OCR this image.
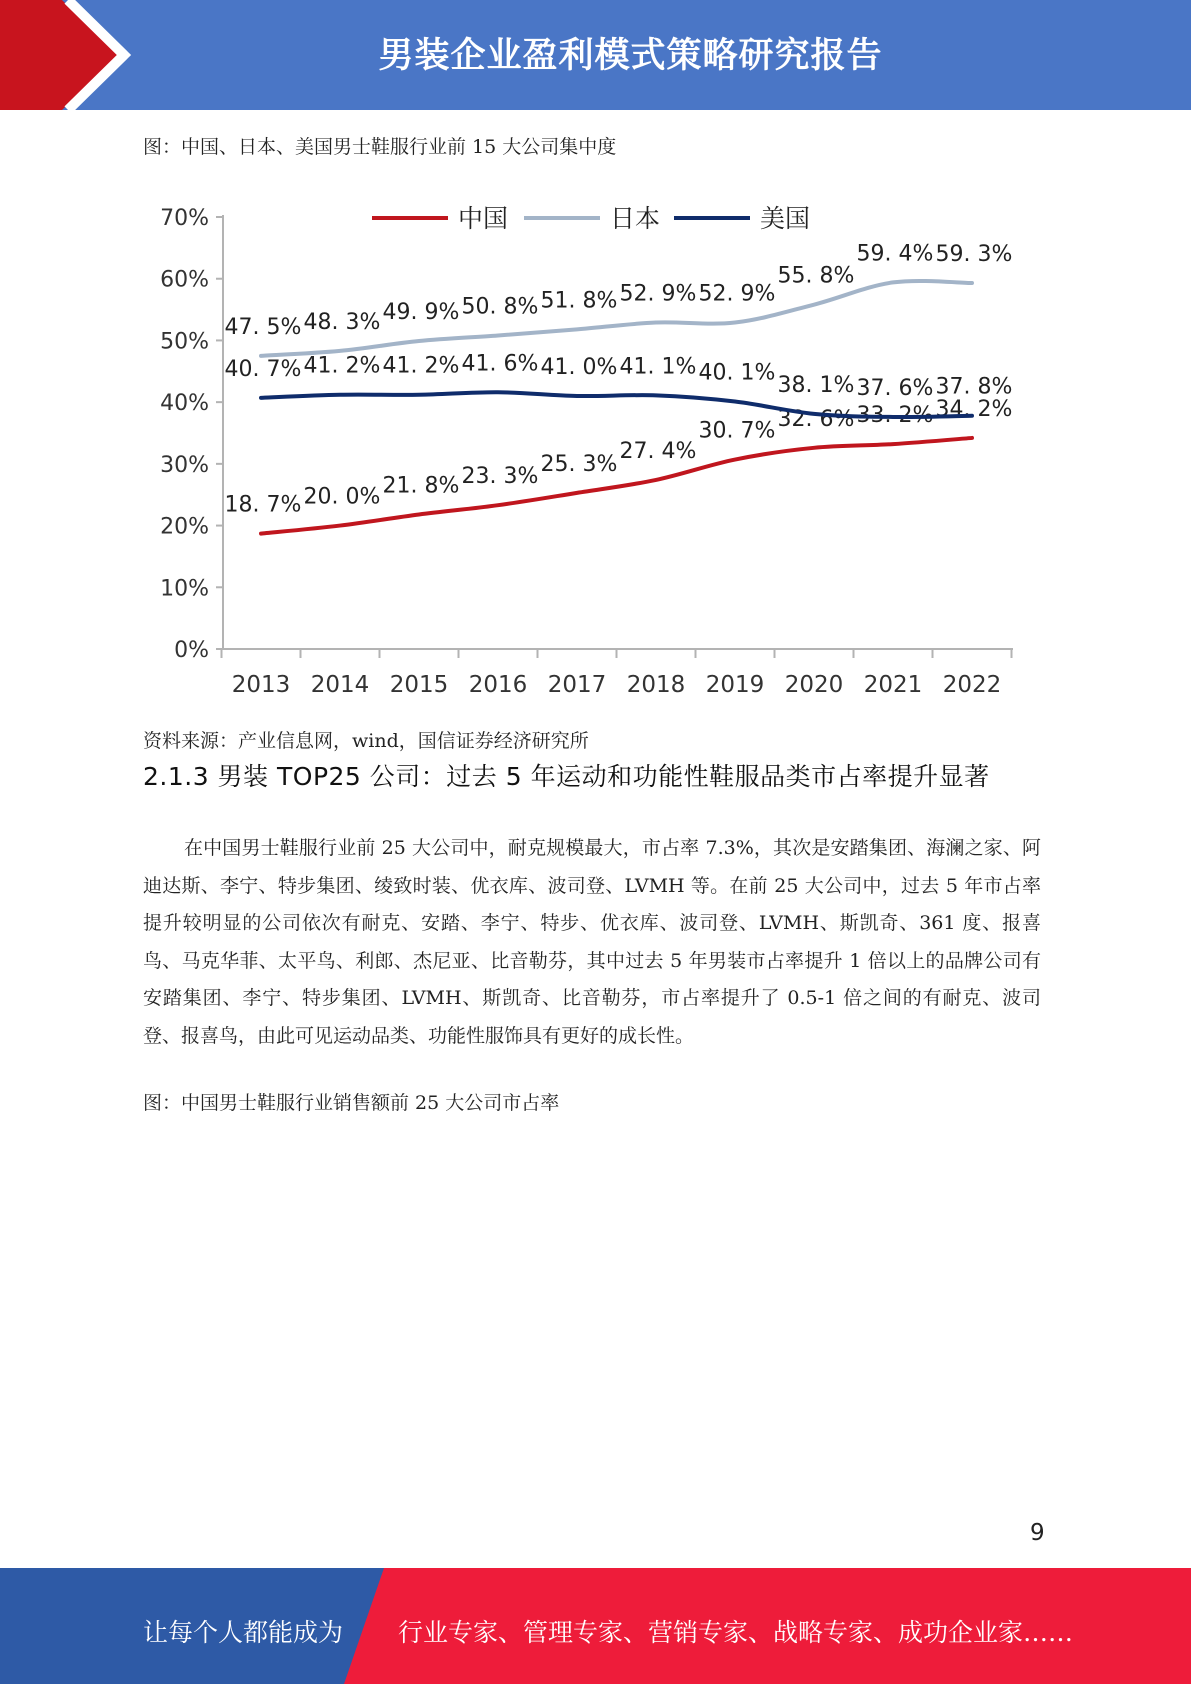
男装企业盈利模式策略研究报告
图：中国、日本、美国男士鞋服行业前 15 大公司集中度
0%
10%
20%
30%
40%
50%
60%
70%
2013 2014 2015 2016 2017 2018 2019 2020 2021 2022
18. 7% 20. 0% 21. 8% 23. 3% 25. 3%
27. 4%
30. 7% 32. 6% 33. 2% 34. 2%
47. 5% 48. 3% 49. 9% 50. 8% 51. 8% 52. 9% 52. 9%
55. 8%
59. 4% 59. 3%
40. 7% 41. 2% 41. 2% 41. 6% 41. 0% 41. 1% 40. 1% 38. 1% 37. 6% 37. 8%
中国	日本	美国
资料来源：产业信息网，wind，国信证券经济研究所
2.1.3 男装 TOP25 公司：过去 5 年运动和功能性鞋服品类市占率提升显著
在中国男士鞋服行业前 25 大公司中，耐克规模最大，市占率 7.3%，其次是安踏集团、海澜之家、阿迪达斯、李宁、特步集团、绫致时装、优衣库、波司登、LVMH 等。在前 25 大公司中，过去 5 年市占率提升较明显的公司依次有耐克、安踏、李宁、特步、优衣库、波司登、LVMH、斯凯奇、361 度、报喜鸟、马克华菲、太平鸟、利郎、杰尼亚、比音勒芬，其中过去 5 年男装市占率提升 1 倍以上的品牌公司有安踏集团、李宁、特步集团、LVMH、斯凯奇、比音勒芬，市占率提升了 0.5-1 倍之间的有耐克、波司登、报喜鸟，由此可见运动品类、功能性服饰具有更好的成长性。
图：中国男士鞋服行业销售额前 25 大公司市占率
9
让每个人都能成为 行业专家、管理专家、营销专家、战略专家、成功企业家……
